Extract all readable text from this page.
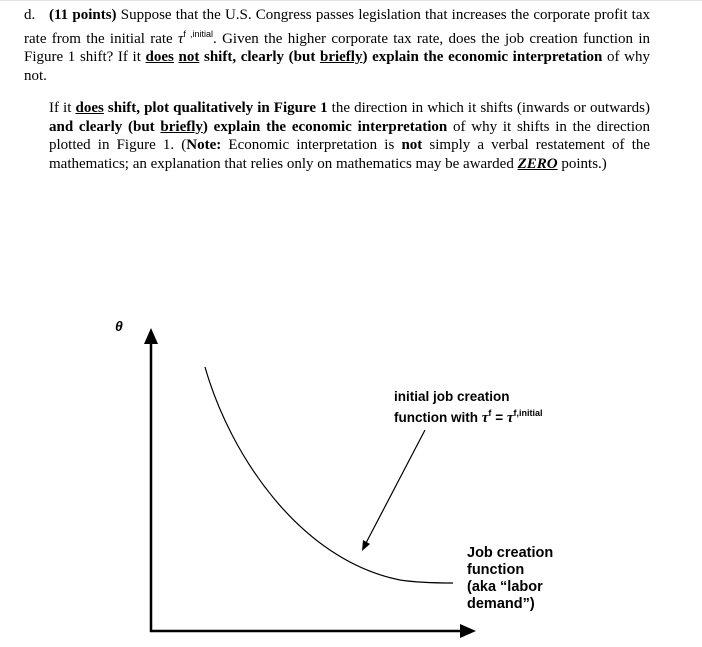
d. (11 points) Suppose that the U.S. Congress passes legislation that increases the corporate profit tax rate from the initial rate $\tau^{f ,initial}$. Given the higher corporate tax rate, does the job creation function in Figure 1 shift? If it does not shift, clearly (but briefly) explain the economic interpretation of why not.
If it does shift, plot qualitatively in Figure 1 the direction in which it shifts (inwards or outwards) and clearly (but briefly) explain the economic interpretation of why it shifts in the direction plotted in Figure 1. (Note: Economic interpretation is not simply a verbal restatement of the mathematics; an explanation that relies only on mathematics may be awarded ZERO points.)
θ
initial job creation
function with $\tau^f = \tau^{f,initial}$
Job creation
function
(aka “labor
demand”)
